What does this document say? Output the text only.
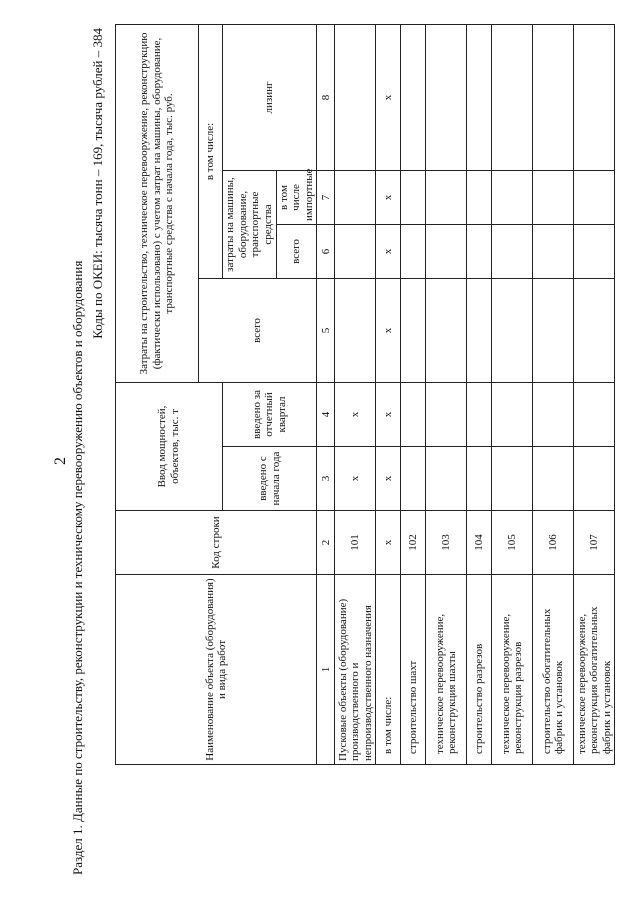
2 Раздел 1. Данные по строительству, реконструкции и техническому перевооружению объектов и оборудования
Коды по ОКЕИ: тысяча тонн – 169, тысяча рублей – 384
Наименование объекта (оборудования) и вида работ	Код строки	Ввод мощностей, объектов, тыс. т		Затраты на строительство, техническое перевооружение, реконструкцию (фактически использовано) с учетом затрат на машины, оборудование, транспортные средства с начала года, тыс. руб.			
				всего	в том числе:		
		введено с начала года	введено за отчетный квартал		затраты на машины, оборудование, транспортные средства		лизинг
					всего	в том числе импортные	
1	2	3	4	5	6	7	8
Пусковые объекты (оборудование) производственного и непроизводственного назначения	101	х	х				
в том числе:	х	х	х	х	х	х	х
строительство шахт	102						
техническое перевооружение, реконструкция шахты	103						
строительство разрезов	104						
техническое перевооружение, реконструкция разрезов	105						
строительство обогатительных фабрик и установок	106						
техническое перевооружение, реконструкция обогатительных фабрик и установок	107						
